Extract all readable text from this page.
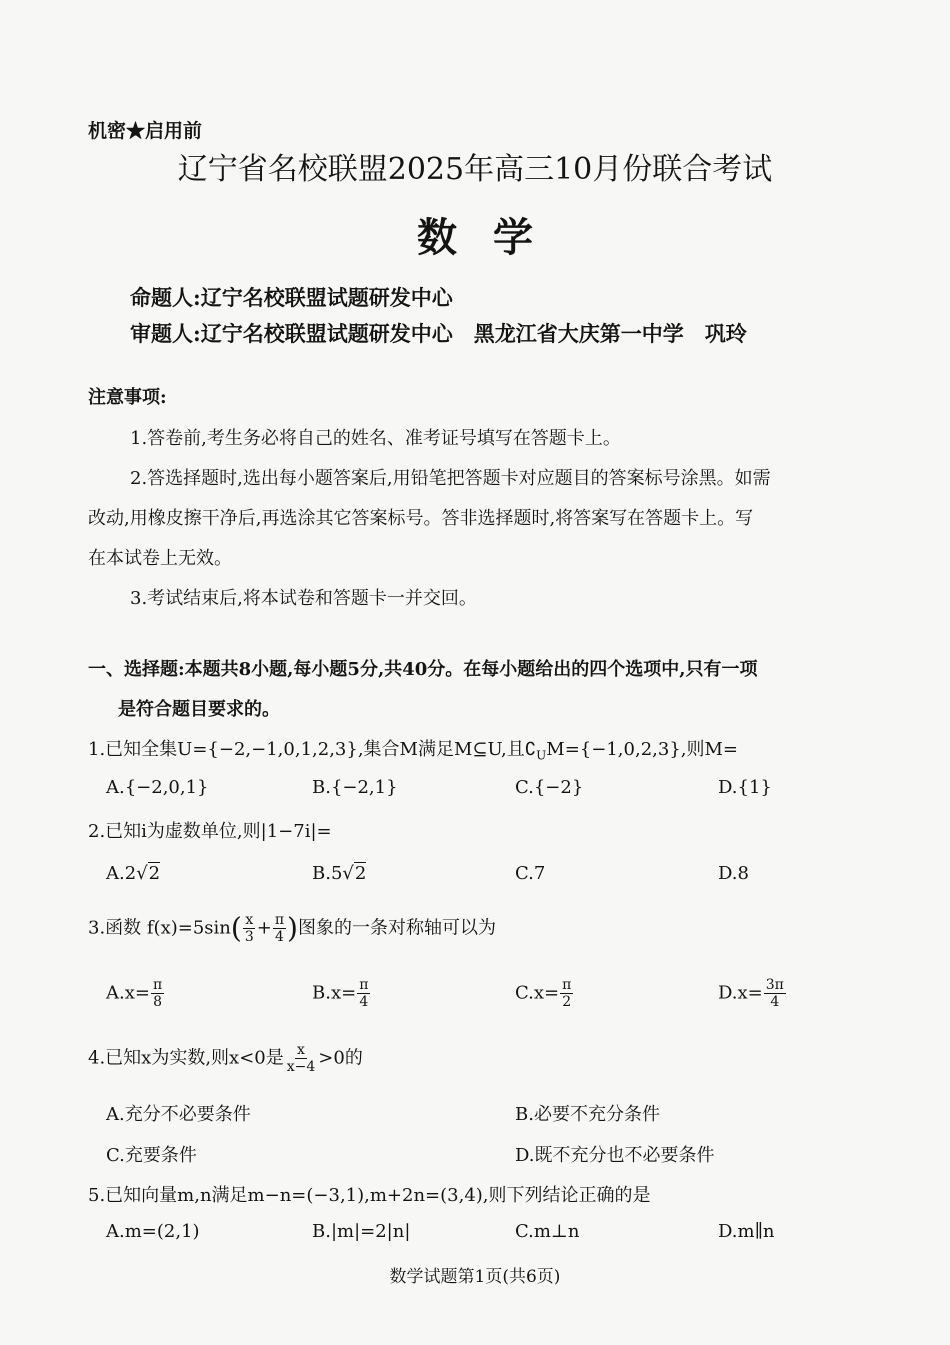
机密★启用前
辽宁省名校联盟2025年高三10月份联合考试
数学
命题人:辽宁名校联盟试题研发中心
审题人:辽宁名校联盟试题研发中心　黑龙江省大庆第一中学　巩玲
注意事项:
1.答卷前,考生务必将自己的姓名、准考证号填写在答题卡上。
2.答选择题时,选出每小题答案后,用铅笔把答题卡对应题目的答案标号涂黑。如需
改动,用橡皮擦干净后,再选涂其它答案标号。答非选择题时,将答案写在答题卡上。写
在本试卷上无效。
3.考试结束后,将本试卷和答题卡一并交回。
一、选择题:本题共8小题,每小题5分,共40分。在每小题给出的四个选项中,只有一项
是符合题目要求的。
1.已知全集U={−2,−1,0,1,2,3},集合M满足M⊆U,且$∁_UM=\{-1,0,2,3\}$,则M=
A.{−2,0,1}	B.{−2,1}	C.{−2}	D.{1}
2.已知i为虚数单位,则|1−7i|=
A.2√2	B.5√2	C.7	D.8
3.函数 $f(x)=5\sin( \frac{x}{3} + \frac{\pi}{4}$ )图象的一条对称轴可以为
$A.x= \frac{\pi}{8}$	$B.x= \frac{\pi}{4}$	$C.x= \frac{\pi}{2}$	$D.x= \frac{3\pi}{4}$
4.已知x为实数,则x<0是 $\frac{x}{x-4} >0$的
A.充分不必要条件	B.必要不充分条件
C.充要条件	D.既不充分也不必要条件
5.已知向量m,n满足m−n=(−3,1),m+2n=(3,4),则下列结论正确的是
A.m=(2,1)	B.|m|=2|n|	C.m⊥n	D.m∥n
数学试题第1页(共6页)
